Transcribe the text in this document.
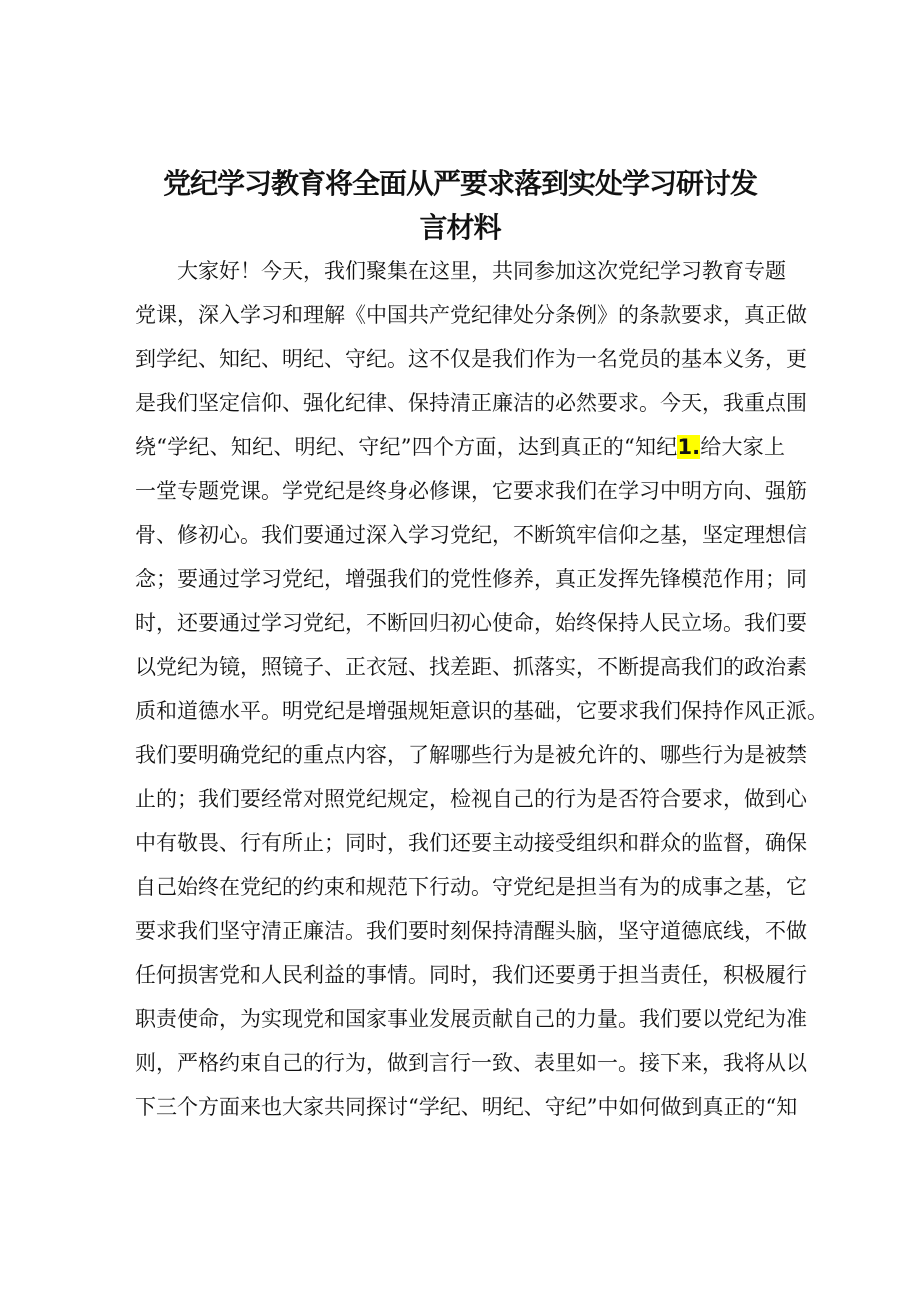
党纪学习教育将全面从严要求落到实处学习研讨发
言材料
大家好！今天，我们聚集在这里，共同参加这次党纪学习教育专题
党课，深入学习和理解《中国共产党纪律处分条例》的条款要求，真正做
到学纪、知纪、明纪、守纪。这不仅是我们作为一名党员的基本义务，更
是我们坚定信仰、强化纪律、保持清正廉洁的必然要求。今天，我重点围
绕“学纪、知纪、明纪、守纪”四个方面，达到真正的“知纪1.给大家上
一堂专题党课。学党纪是终身必修课，它要求我们在学习中明方向、强筋
骨、修初心。我们要通过深入学习党纪，不断筑牢信仰之基，坚定理想信
念；要通过学习党纪，增强我们的党性修养，真正发挥先锋模范作用；同
时，还要通过学习党纪，不断回归初心使命，始终保持人民立场。我们要
以党纪为镜，照镜子、正衣冠、找差距、抓落实，不断提高我们的政治素
质和道德水平。明党纪是增强规矩意识的基础，它要求我们保持作风正派。
我们要明确党纪的重点内容，了解哪些行为是被允许的、哪些行为是被禁
止的；我们要经常对照党纪规定，检视自己的行为是否符合要求，做到心
中有敬畏、行有所止；同时，我们还要主动接受组织和群众的监督，确保
自己始终在党纪的约束和规范下行动。守党纪是担当有为的成事之基，它
要求我们坚守清正廉洁。我们要时刻保持清醒头脑，坚守道德底线，不做
任何损害党和人民利益的事情。同时，我们还要勇于担当责任，积极履行
职责使命，为实现党和国家事业发展贡献自己的力量。我们要以党纪为准
则，严格约束自己的行为，做到言行一致、表里如一。接下来，我将从以
下三个方面来也大家共同探讨“学纪、明纪、守纪”中如何做到真正的“知
